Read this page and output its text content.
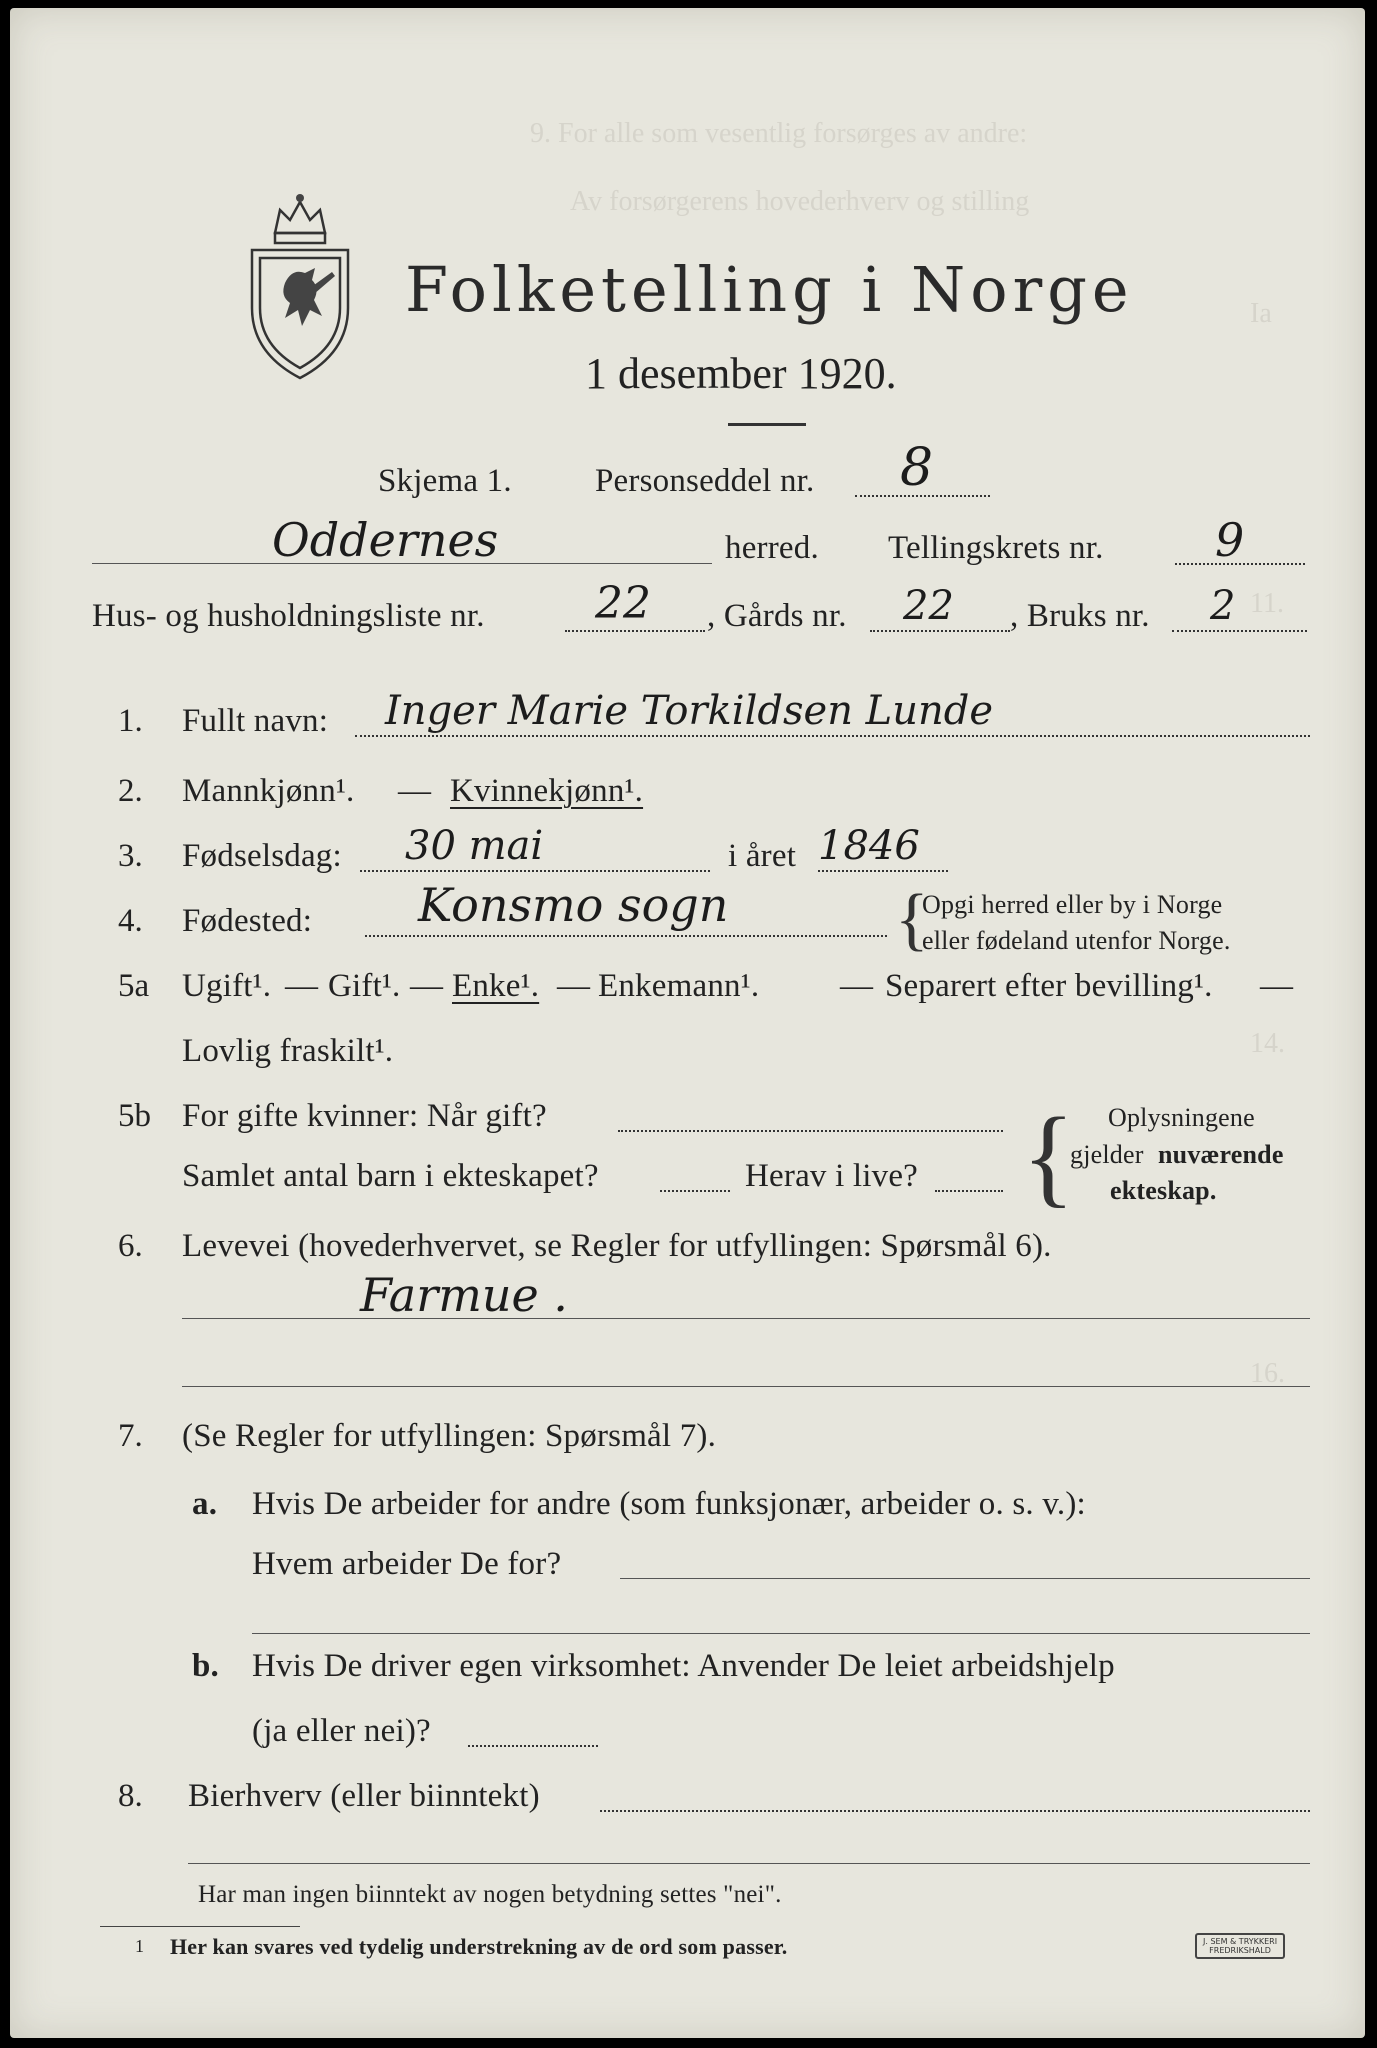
9. For alle som vesentlig forsørges av andre:
Av forsørgerens hovederhverv og stilling
Ia
11.
14.
16.
Folketelling i Norge
1 desember 1920.
Skjema 1.	Personseddel nr. 8
Oddernes	herred. Tellingskrets nr. 9
Hus- og husholdningsliste nr.	22 , Gårds nr. 22 , Bruks nr. 2
1. Fullt navn: Inger Marie Torkildsen Lunde
2. Mannkjønn¹. — Kvinnekjønn¹.
3. Fødselsdag: 30 mai	i året 1846
4. Fødested: Konsmo sogn {
Opgi herred eller by i Norge
eller fødeland utenfor Norge.
5a Ugift¹. — Gift¹. — Enke¹. — Enkemann¹. — Separert efter bevilling¹. —
Lovlig fraskilt¹.
5b For gifte kvinner: Når gift?
Samlet antal barn i ekteskapet?	Herav i live? { Oplysningene
gjelder nuværende
ekteskap.
6. Levevei (hovederhvervet, se Regler for utfyllingen: Spørsmål 6).
Farmue .
7. (Se Regler for utfyllingen: Spørsmål 7).
a. Hvis De arbeider for andre (som funksjonær, arbeider o. s. v.):
Hvem arbeider De for?
b. Hvis De driver egen virksomhet: Anvender De leiet arbeidshjelp
(ja eller nei)?
8. Bierhverv (eller biinntekt)
Har man ingen biinntekt av nogen betydning settes "nei".
1 Her kan svares ved tydelig understrekning av de ord som passer.	J. SEM & TRYKKERI
FREDRIKSHALD
